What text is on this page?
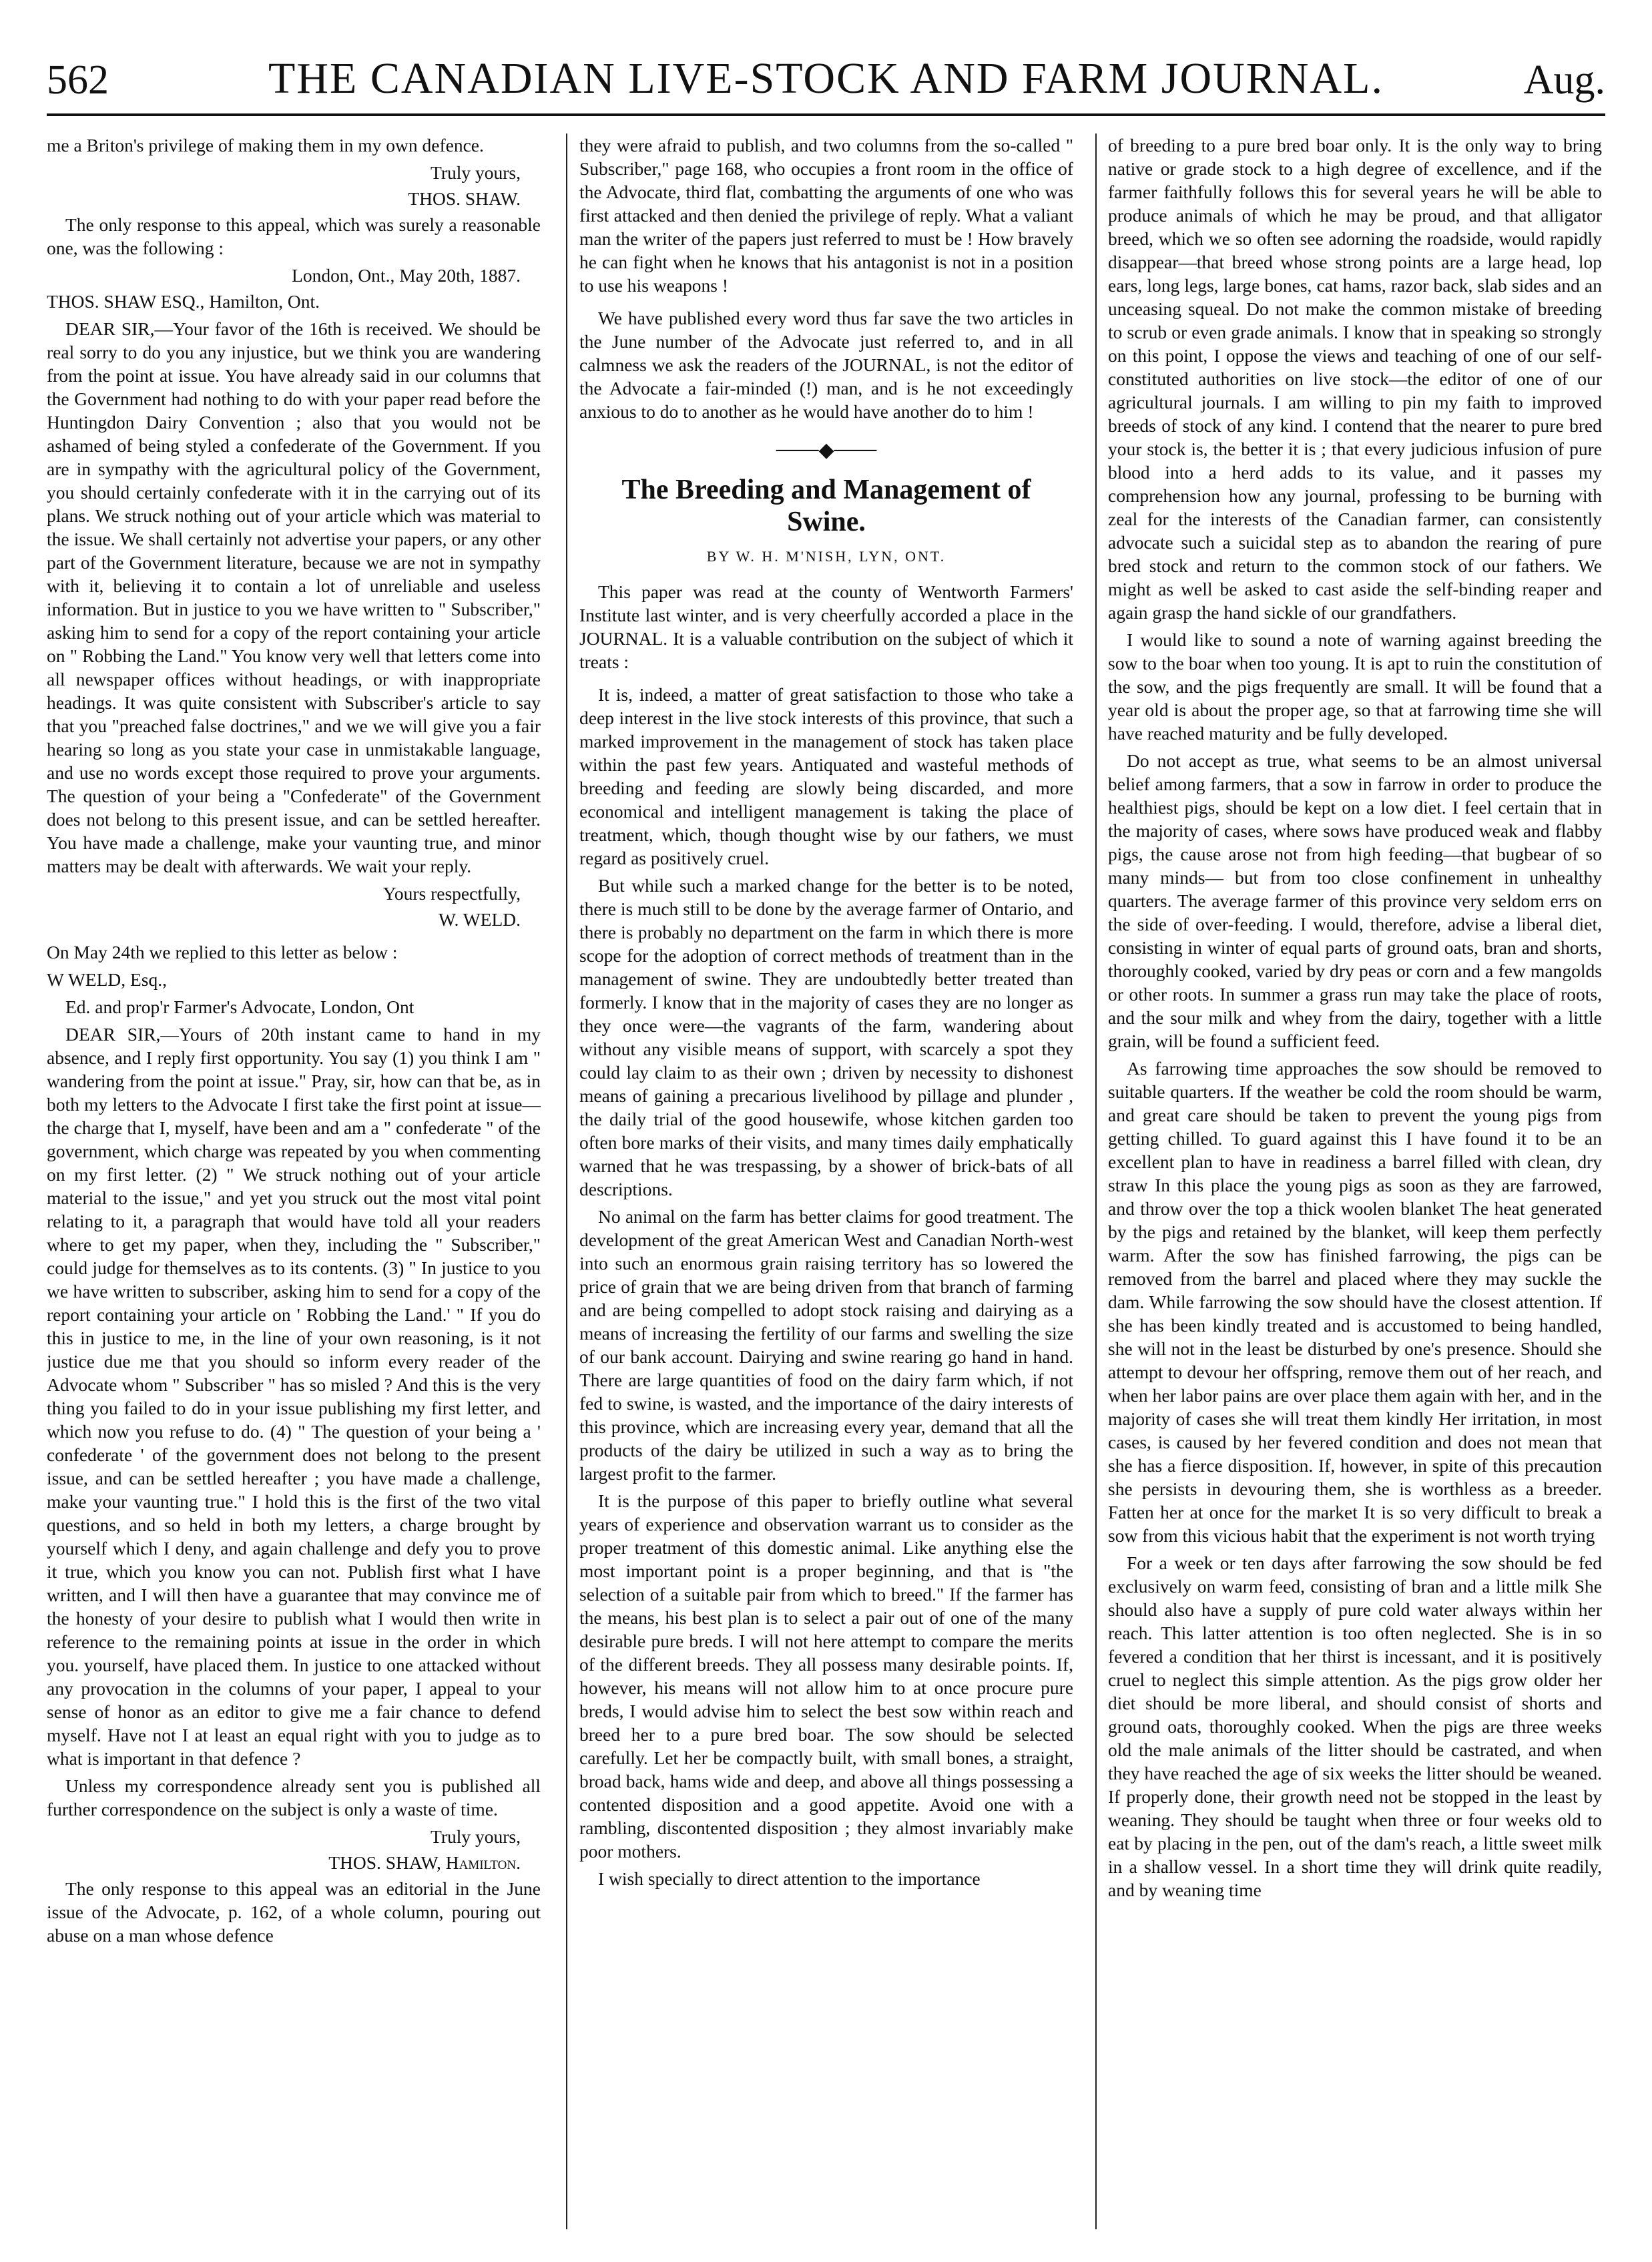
562	THE CANADIAN LIVE-STOCK AND FARM JOURNAL.	Aug.

me a Briton's privilege of making them in my own defence.

Truly yours,

THOS. SHAW.

The only response to this appeal, which was surely a reasonable one, was the following :

London, Ont., May 20th, 1887.

THOS. SHAW ESQ., Hamilton, Ont.

DEAR SIR,—Your favor of the 16th is received. We should be real sorry to do you any injustice, but we think you are wandering from the point at issue. You have already said in our columns that the Government had nothing to do with your paper read before the Huntingdon Dairy Convention ; also that you would not be ashamed of being styled a confederate of the Government. If you are in sympathy with the agricultural policy of the Government, you should certainly confederate with it in the carrying out of its plans. We struck nothing out of your article which was material to the issue. We shall certainly not advertise your papers, or any other part of the Government literature, because we are not in sympathy with it, believing it to contain a lot of unreliable and useless information. But in justice to you we have written to " Subscriber," asking him to send for a copy of the report containing your article on " Robbing the Land." You know very well that letters come into all newspaper offices without headings, or with inappropriate headings. It was quite consistent with Subscriber's article to say that you "preached false doctrines," and we we will give you a fair hearing so long as you state your case in unmistakable language, and use no words except those required to prove your arguments. The question of your being a "Confederate" of the Government does not belong to this present issue, and can be settled hereafter. You have made a challenge, make your vaunting true, and minor matters may be dealt with afterwards. We wait your reply.

Yours respectfully,

W. WELD.

On May 24th we replied to this letter as below :

W WELD, Esq.,

Ed. and prop'r Farmer's Advocate, London, Ont

DEAR SIR,—Yours of 20th instant came to hand in my absence, and I reply first opportunity. You say (1) you think I am " wandering from the point at issue." Pray, sir, how can that be, as in both my letters to the Advocate I first take the first point at issue—the charge that I, myself, have been and am a " confederate " of the government, which charge was repeated by you when commenting on my first letter. (2) " We struck nothing out of your article material to the issue," and yet you struck out the most vital point relating to it, a paragraph that would have told all your readers where to get my paper, when they, including the " Subscriber," could judge for themselves as to its contents. (3) " In justice to you we have written to subscriber, asking him to send for a copy of the report containing your article on ' Robbing the Land.' " If you do this in justice to me, in the line of your own reasoning, is it not justice due me that you should so inform every reader of the Advocate whom " Subscriber " has so misled ? And this is the very thing you failed to do in your issue publishing my first letter, and which now you refuse to do. (4) " The question of your being a ' confederate ' of the government does not belong to the present issue, and can be settled hereafter ; you have made a challenge, make your vaunting true." I hold this is the first of the two vital questions, and so held in both my letters, a charge brought by yourself which I deny, and again challenge and defy you to prove it true, which you know you can not. Publish first what I have written, and I will then have a guarantee that may convince me of the honesty of your desire to publish what I would then write in reference to the remaining points at issue in the order in which you. yourself, have placed them. In justice to one attacked without any provocation in the columns of your paper, I appeal to your sense of honor as an editor to give me a fair chance to defend myself. Have not I at least an equal right with you to judge as to what is important in that defence ?

Unless my correspondence already sent you is published all further correspondence on the subject is only a waste of time.

Truly yours,

THOS. SHAW, Hamilton.

The only response to this appeal was an editorial in the June issue of the Advocate, p. 162, of a whole column, pouring out abuse on a man whose defence

they were afraid to publish, and two columns from the so-called " Subscriber," page 168, who occupies a front room in the office of the Advocate, third flat, combatting the arguments of one who was first attacked and then denied the privilege of reply. What a valiant man the writer of the papers just referred to must be ! How bravely he can fight when he knows that his antagonist is not in a position to use his weapons !

We have published every word thus far save the two articles in the June number of the Advocate just referred to, and in all calmness we ask the readers of the JOURNAL, is not the editor of the Advocate a fair-minded (!) man, and is he not exceedingly anxious to do to another as he would have another do to him !

───◆───
The Breeding and Management of Swine.
BY W. H. M'NISH, LYN, ONT.

This paper was read at the county of Wentworth Farmers' Institute last winter, and is very cheerfully accorded a place in the JOURNAL. It is a valuable contribution on the subject of which it treats :

It is, indeed, a matter of great satisfaction to those who take a deep interest in the live stock interests of this province, that such a marked improvement in the management of stock has taken place within the past few years. Antiquated and wasteful methods of breeding and feeding are slowly being discarded, and more economical and intelligent management is taking the place of treatment, which, though thought wise by our fathers, we must regard as positively cruel.

But while such a marked change for the better is to be noted, there is much still to be done by the average farmer of Ontario, and there is probably no department on the farm in which there is more scope for the adoption of correct methods of treatment than in the management of swine. They are undoubtedly better treated than formerly. I know that in the majority of cases they are no longer as they once were—the vagrants of the farm, wandering about without any visible means of support, with scarcely a spot they could lay claim to as their own ; driven by necessity to dishonest means of gaining a precarious livelihood by pillage and plunder , the daily trial of the good housewife, whose kitchen garden too often bore marks of their visits, and many times daily emphatically warned that he was trespassing, by a shower of brick-bats of all descriptions.

No animal on the farm has better claims for good treatment. The development of the great American West and Canadian North-west into such an enormous grain raising territory has so lowered the price of grain that we are being driven from that branch of farming and are being compelled to adopt stock raising and dairying as a means of increasing the fertility of our farms and swelling the size of our bank account. Dairying and swine rearing go hand in hand. There are large quantities of food on the dairy farm which, if not fed to swine, is wasted, and the importance of the dairy interests of this province, which are increasing every year, demand that all the products of the dairy be utilized in such a way as to bring the largest profit to the farmer.

It is the purpose of this paper to briefly outline what several years of experience and observation warrant us to consider as the proper treatment of this domestic animal. Like anything else the most important point is a proper beginning, and that is "the selection of a suitable pair from which to breed." If the farmer has the means, his best plan is to select a pair out of one of the many desirable pure breds. I will not here attempt to compare the merits of the different breeds. They all possess many desirable points. If, however, his means will not allow him to at once procure pure breds, I would advise him to select the best sow within reach and breed her to a pure bred boar. The sow should be selected carefully. Let her be compactly built, with small bones, a straight, broad back, hams wide and deep, and above all things possessing a contented disposition and a good appetite. Avoid one with a rambling, discontented disposition ; they almost invariably make poor mothers.

I wish specially to direct attention to the importance

of breeding to a pure bred boar only. It is the only way to bring native or grade stock to a high degree of excellence, and if the farmer faithfully follows this for several years he will be able to produce animals of which he may be proud, and that alligator breed, which we so often see adorning the roadside, would rapidly disappear—that breed whose strong points are a large head, lop ears, long legs, large bones, cat hams, razor back, slab sides and an unceasing squeal. Do not make the common mistake of breeding to scrub or even grade animals. I know that in speaking so strongly on this point, I oppose the views and teaching of one of our self-constituted authorities on live stock—the editor of one of our agricultural journals. I am willing to pin my faith to improved breeds of stock of any kind. I contend that the nearer to pure bred your stock is, the better it is ; that every judicious infusion of pure blood into a herd adds to its value, and it passes my comprehension how any journal, professing to be burning with zeal for the interests of the Canadian farmer, can consistently advocate such a suicidal step as to abandon the rearing of pure bred stock and return to the common stock of our fathers. We might as well be asked to cast aside the self-binding reaper and again grasp the hand sickle of our grandfathers.

I would like to sound a note of warning against breeding the sow to the boar when too young. It is apt to ruin the constitution of the sow, and the pigs frequently are small. It will be found that a year old is about the proper age, so that at farrowing time she will have reached maturity and be fully developed.

Do not accept as true, what seems to be an almost universal belief among farmers, that a sow in farrow in order to produce the healthiest pigs, should be kept on a low diet. I feel certain that in the majority of cases, where sows have produced weak and flabby pigs, the cause arose not from high feeding—that bugbear of so many minds— but from too close confinement in unhealthy quarters. The average farmer of this province very seldom errs on the side of over-feeding. I would, therefore, advise a liberal diet, consisting in winter of equal parts of ground oats, bran and shorts, thoroughly cooked, varied by dry peas or corn and a few mangolds or other roots. In summer a grass run may take the place of roots, and the sour milk and whey from the dairy, together with a little grain, will be found a sufficient feed.

As farrowing time approaches the sow should be removed to suitable quarters. If the weather be cold the room should be warm, and great care should be taken to prevent the young pigs from getting chilled. To guard against this I have found it to be an excellent plan to have in readiness a barrel filled with clean, dry straw In this place the young pigs as soon as they are farrowed, and throw over the top a thick woolen blanket The heat generated by the pigs and retained by the blanket, will keep them perfectly warm. After the sow has finished farrowing, the pigs can be removed from the barrel and placed where they may suckle the dam. While farrowing the sow should have the closest attention. If she has been kindly treated and is accustomed to being handled, she will not in the least be disturbed by one's presence. Should she attempt to devour her offspring, remove them out of her reach, and when her labor pains are over place them again with her, and in the majority of cases she will treat them kindly Her irritation, in most cases, is caused by her fevered condition and does not mean that she has a fierce disposition. If, however, in spite of this precaution she persists in devouring them, she is worthless as a breeder. Fatten her at once for the market It is so very difficult to break a sow from this vicious habit that the experiment is not worth trying

For a week or ten days after farrowing the sow should be fed exclusively on warm feed, consisting of bran and a little milk She should also have a supply of pure cold water always within her reach. This latter attention is too often neglected. She is in so fevered a condition that her thirst is incessant, and it is positively cruel to neglect this simple attention. As the pigs grow older her diet should be more liberal, and should consist of shorts and ground oats, thoroughly cooked. When the pigs are three weeks old the male animals of the litter should be castrated, and when they have reached the age of six weeks the litter should be weaned. If properly done, their growth need not be stopped in the least by weaning. They should be taught when three or four weeks old to eat by placing in the pen, out of the dam's reach, a little sweet milk in a shallow vessel. In a short time they will drink quite readily, and by weaning time
